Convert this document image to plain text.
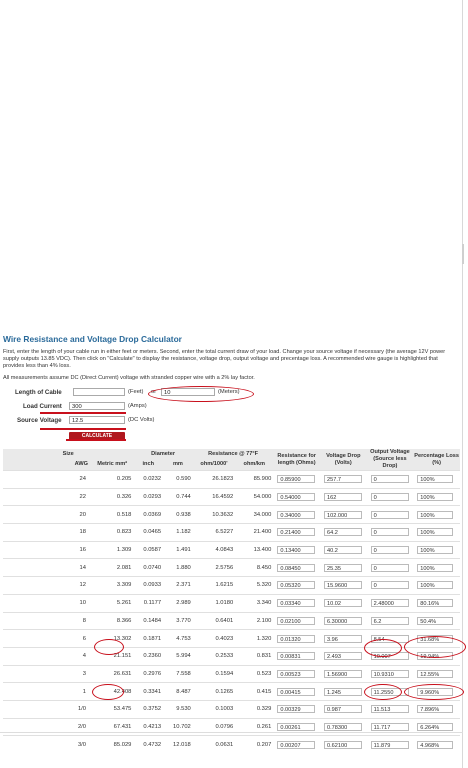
Wire Resistance and Voltage Drop Calculator

First, enter the length of your cable run in either feet or meters. Second, enter the total current draw of your load. Change your source voltage if necessary (the average 12V power supply outputs 13.85 VDC). Then click on "Calculate" to display the resistance, voltage drop, output voltage and precentage loss. A recommended wire gauge is highlighted that provides less than 4% loss.

All measurements assume DC (Direct Current) voltage with stranded copper wire with a 2% lay factor.

Length of Cable	(Feet) or	10	(Meters)
Load Current	300	(Amps)
Source Voltage	12.5	(DC Volts)
CALCULATE
Size		Diameter		Resistance @ 77°F		Resistance for length (Ohms)	Voltage Drop (Volts)	Output Voltage (Source less Drop)	Percentage Loss (%)
AWG	Metric mm²	inch	mm	ohm/1000'	ohm/km				
24	0.205	0.0232	0.590	26.1823	85.900	0.85900	257.7	0	100%
22	0.326	0.0293	0.744	16.4592	54.000	0.54000	162	0	100%
20	0.518	0.0369	0.938	10.3632	34.000	0.34000	102.000	0	100%
18	0.823	0.0465	1.182	6.5227	21.400	0.21400	64.2	0	100%
16	1.309	0.0587	1.491	4.0843	13.400	0.13400	40.2	0	100%
14	2.081	0.0740	1.880	2.5756	8.450	0.08450	25.35	0	100%
12	3.309	0.0933	2.371	1.6215	5.320	0.05320	15.9600	0	100%
10	5.261	0.1177	2.989	1.0180	3.340	0.03340	10.02	2.48000	80.16%
8	8.366	0.1484	3.770	0.6401	2.100	0.02100	6.30000	6.2	50.4%
6	13.302	0.1871	4.753	0.4023	1.320	0.01320	3.96	8.54	31.68%
4	21.151	0.2360	5.994	0.2533	0.831	0.00831	2.493	10.007	19.94%
3	26.631	0.2976	7.558	0.1594	0.523	0.00523	1.56900	10.9310	12.55%
1	42.408	0.3341	8.487	0.1265	0.415	0.00415	1.245	11.2550	9.960%
1/0	53.475	0.3752	9.530	0.1003	0.329	0.00329	0.987	11.513	7.896%
2/0	67.431	0.4213	10.702	0.0796	0.261	0.00261	0.78300	11.717	6.264%
3/0	85.029	0.4732	12.018	0.0631	0.207	0.00207	0.62100	11.879	4.968%
